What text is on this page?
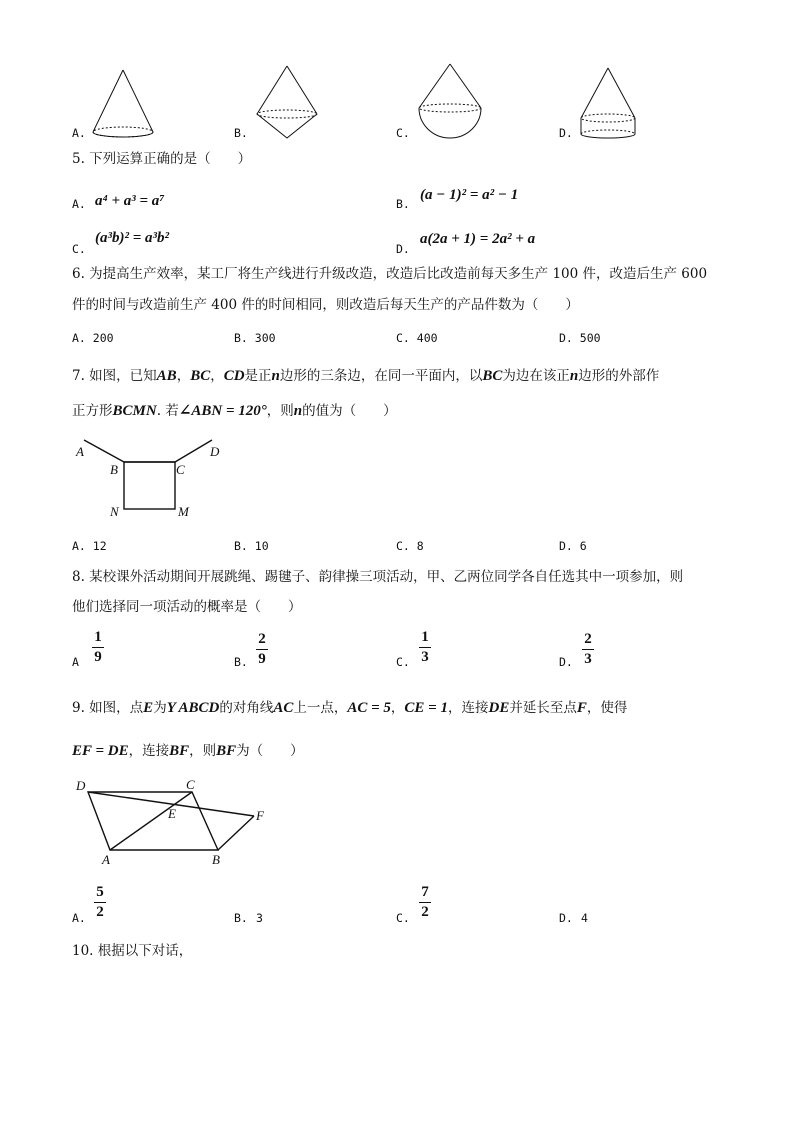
A.	B.	C.	D.
5. 下列运算正确的是（　　）
A. a⁴ + a³ = a⁷	B.
(a − 1)² = a² − 1
C.
(a³b)² = a³b²
D.
a(2a + 1) = 2a² + a
6. 为提高生产效率，某工厂将生产线进行升级改造，改造后比改造前每天多生产 100 件，改造后生产 600
件的时间与改造前生产 400 件的时间相同，则改造后每天生产的产品件数为（　　）
A. 200	B. 300	C. 400	D. 500
7. 如图，已知 AB ， BC ， CD 是正 n 边形的三条边，在同一平面内，以 BC 为边在该正 n 边形的外部作
正方形 BCMN . 若 ∠ABN = 120° ，则 n 的值为（　　）
A
B	C
D
N	M
A. 12	B. 10	C. 8	D. 6
8. 某校课外活动期间开展跳绳、踢毽子、韵律操三项活动，甲、乙两位同学各自任选其中一项参加，则
他们选择同一项活动的概率是（　　）
A
1
9	B.
2
9	C.
1
3	D.
2
3
9. 如图，点 E 为 Y ABCD 的对角线 AC 上一点， AC = 5 ， CE = 1 ，连接 DE 并延长至点 F ，使得
EF = DE ，连接 BF ，则 BF 为（　　）
D	C
E	F
A	B
A.
5
2	B. 3	C.
7
2	D. 4
10. 根据以下对话，
